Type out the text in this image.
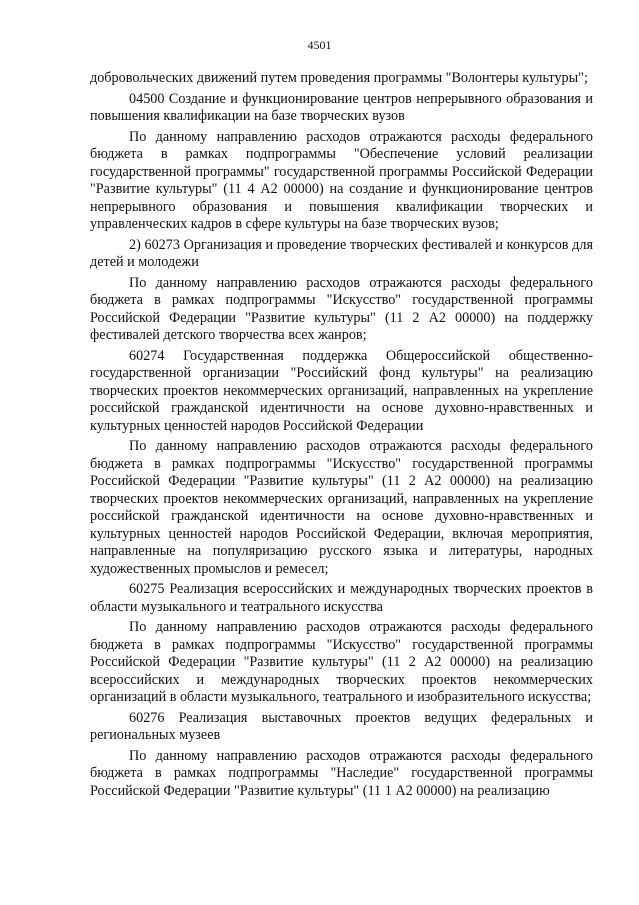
4501

добровольческих движений путем проведения программы "Волонтеры культуры";

04500 Создание и функционирование центров непрерывного образования и повышения квалификации на базе творческих вузов

По данному направлению расходов отражаются расходы федерального бюджета в рамках подпрограммы "Обеспечение условий реализации государственной программы" государственной программы Российской Федерации "Развитие культуры" (11 4 А2 00000) на создание и функционирование центров непрерывного образования и повышения квалификации творческих и управленческих кадров в сфере культуры на базе творческих вузов;

2) 60273 Организация и проведение творческих фестивалей и конкурсов для детей и молодежи

По данному направлению расходов отражаются расходы федерального бюджета в рамках подпрограммы "Искусство" государственной программы Российской Федерации "Развитие культуры" (11 2 А2 00000) на поддержку фестивалей детского творчества всех жанров;

60274 Государственная поддержка Общероссийской общественно-государственной организации "Российский фонд культуры" на реализацию творческих проектов некоммерческих организаций, направленных на укрепление российской гражданской идентичности на основе духовно-нравственных и культурных ценностей народов Российской Федерации

По данному направлению расходов отражаются расходы федерального бюджета в рамках подпрограммы "Искусство" государственной программы Российской Федерации "Развитие культуры" (11 2 А2 00000) на реализацию творческих проектов некоммерческих организаций, направленных на укрепление российской гражданской идентичности на основе духовно-нравственных и культурных ценностей народов Российской Федерации, включая мероприятия, направленные на популяризацию русского языка и литературы, народных художественных промыслов и ремесел;

60275 Реализация всероссийских и международных творческих проектов в области музыкального и театрального искусства

По данному направлению расходов отражаются расходы федерального бюджета в рамках подпрограммы "Искусство" государственной программы Российской Федерации "Развитие культуры" (11 2 А2 00000) на реализацию всероссийских и международных творческих проектов некоммерческих организаций в области музыкального, театрального и изобразительного искусства;

60276 Реализация выставочных проектов ведущих федеральных и региональных музеев

По данному направлению расходов отражаются расходы федерального бюджета в рамках подпрограммы "Наследие" государственной программы Российской Федерации "Развитие культуры" (11 1 А2 00000) на реализацию
